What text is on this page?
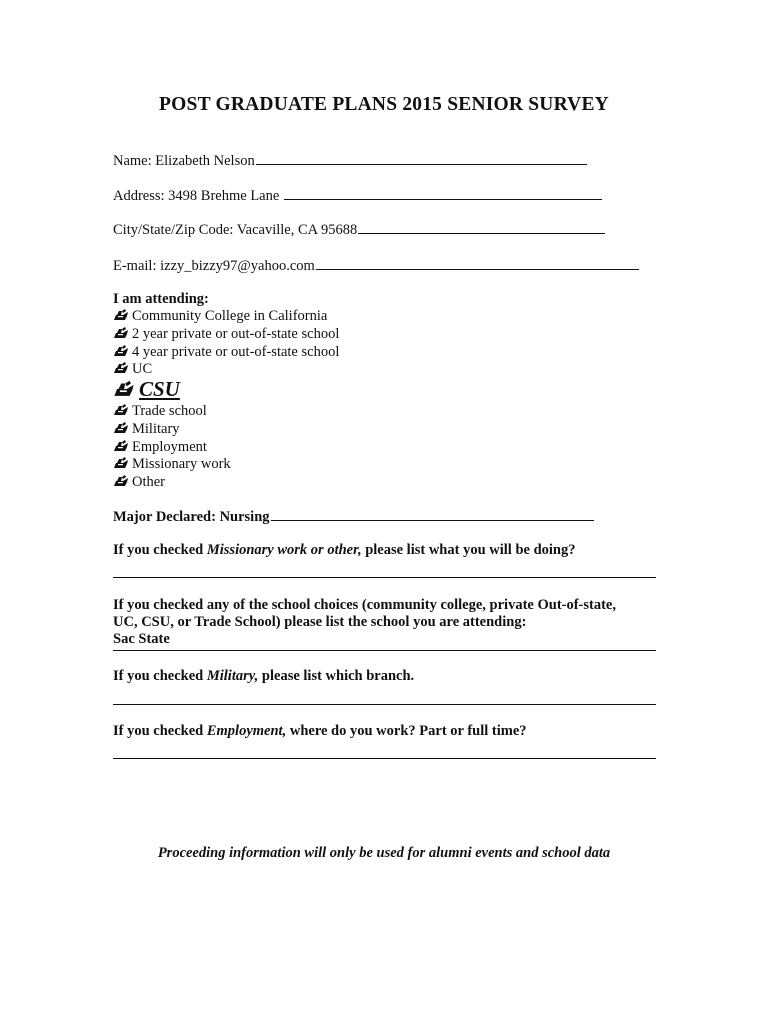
POST GRADUATE PLANS 2015 SENIOR SURVEY
Name: Elizabeth Nelson
Address: 3498 Brehme Lane
City/State/Zip Code: Vacaville, CA 95688
E-mail: izzy_bizzy97@yahoo.com
I am attending:
Community College in California
2 year private or out-of-state school
4 year private or out-of-state school
UC
CSU
Trade school
Military
Employment
Missionary work
Other
Major Declared: Nursing
If you checked Missionary work or other, please list what you will be doing?
If you checked any of the school choices (community college, private Out-of-state,
UC, CSU, or Trade School) please list the school you are attending:
Sac State
If you checked Military, please list which branch.
If you checked Employment, where do you work? Part or full time?
Proceeding information will only be used for alumni events and school data
